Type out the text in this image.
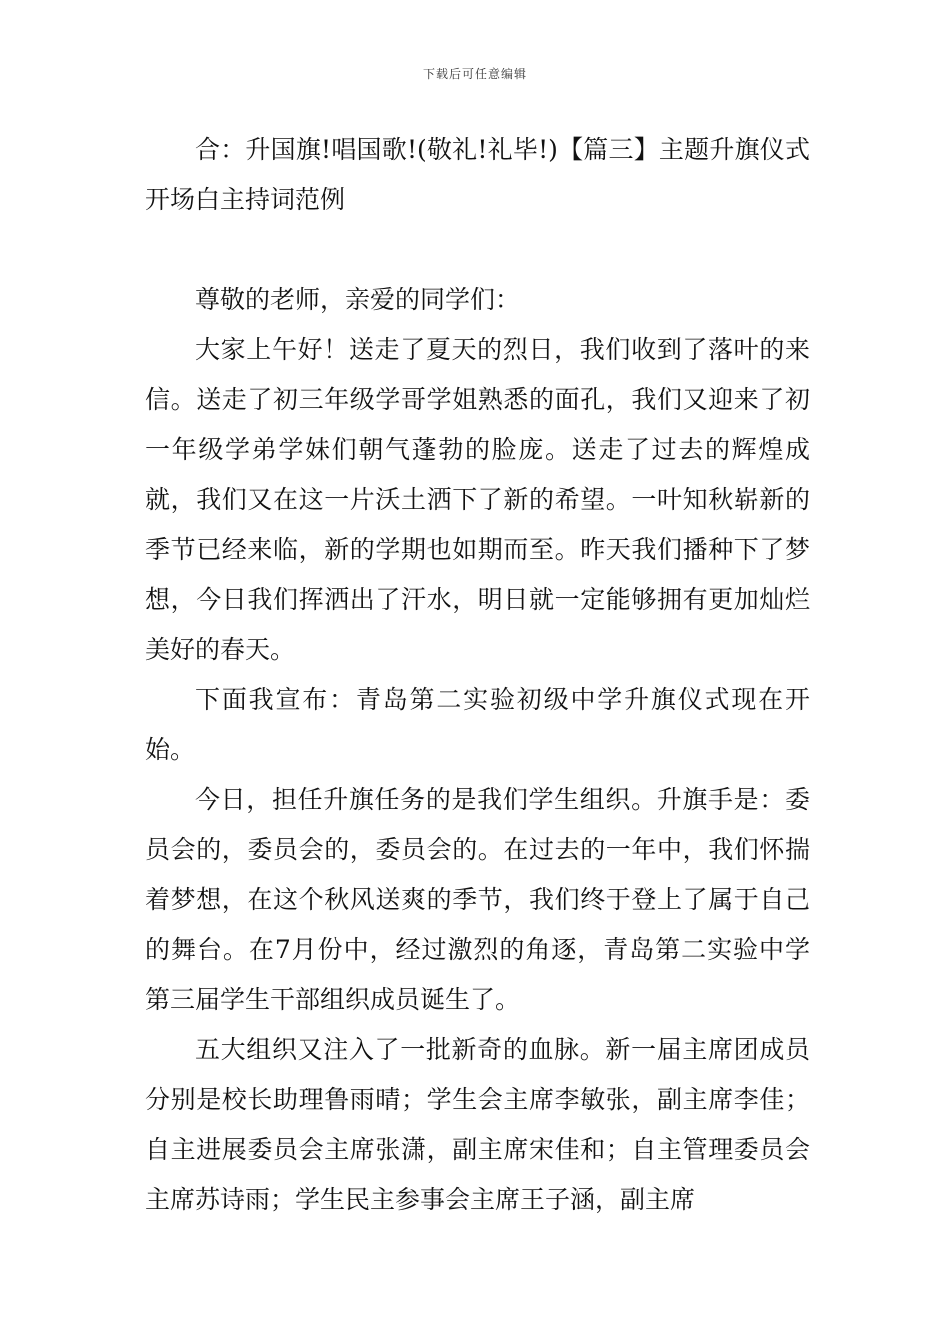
下载后可任意编辑

合：升国旗!唱国歌!(敬礼!礼毕!)【篇三】主题升旗仪式开场白主持词范例

尊敬的老师，亲爱的同学们：

大家上午好！送走了夏天的烈日，我们收到了落叶的来信。送走了初三年级学哥学姐熟悉的面孔，我们又迎来了初一年级学弟学妹们朝气蓬勃的脸庞。送走了过去的辉煌成就，我们又在这一片沃土洒下了新的希望。一叶知秋崭新的季节已经来临，新的学期也如期而至。昨天我们播种下了梦想，今日我们挥洒出了汗水，明日就一定能够拥有更加灿烂美好的春天。

下面我宣布：青岛第二实验初级中学升旗仪式现在开始。

今日，担任升旗任务的是我们学生组织。升旗手是：委员会的，委员会的，委员会的。在过去的一年中，我们怀揣着梦想，在这个秋风送爽的季节，我们终于登上了属于自己的舞台。在7月份中，经过激烈的角逐，青岛第二实验中学第三届学生干部组织成员诞生了。

五大组织又注入了一批新奇的血脉。新一届主席团成员分别是校长助理鲁雨晴；学生会主席李敏张，副主席李佳；自主进展委员会主席张潇，副主席宋佳和；自主管理委员会主席苏诗雨；学生民主参事会主席王子涵，副主席
